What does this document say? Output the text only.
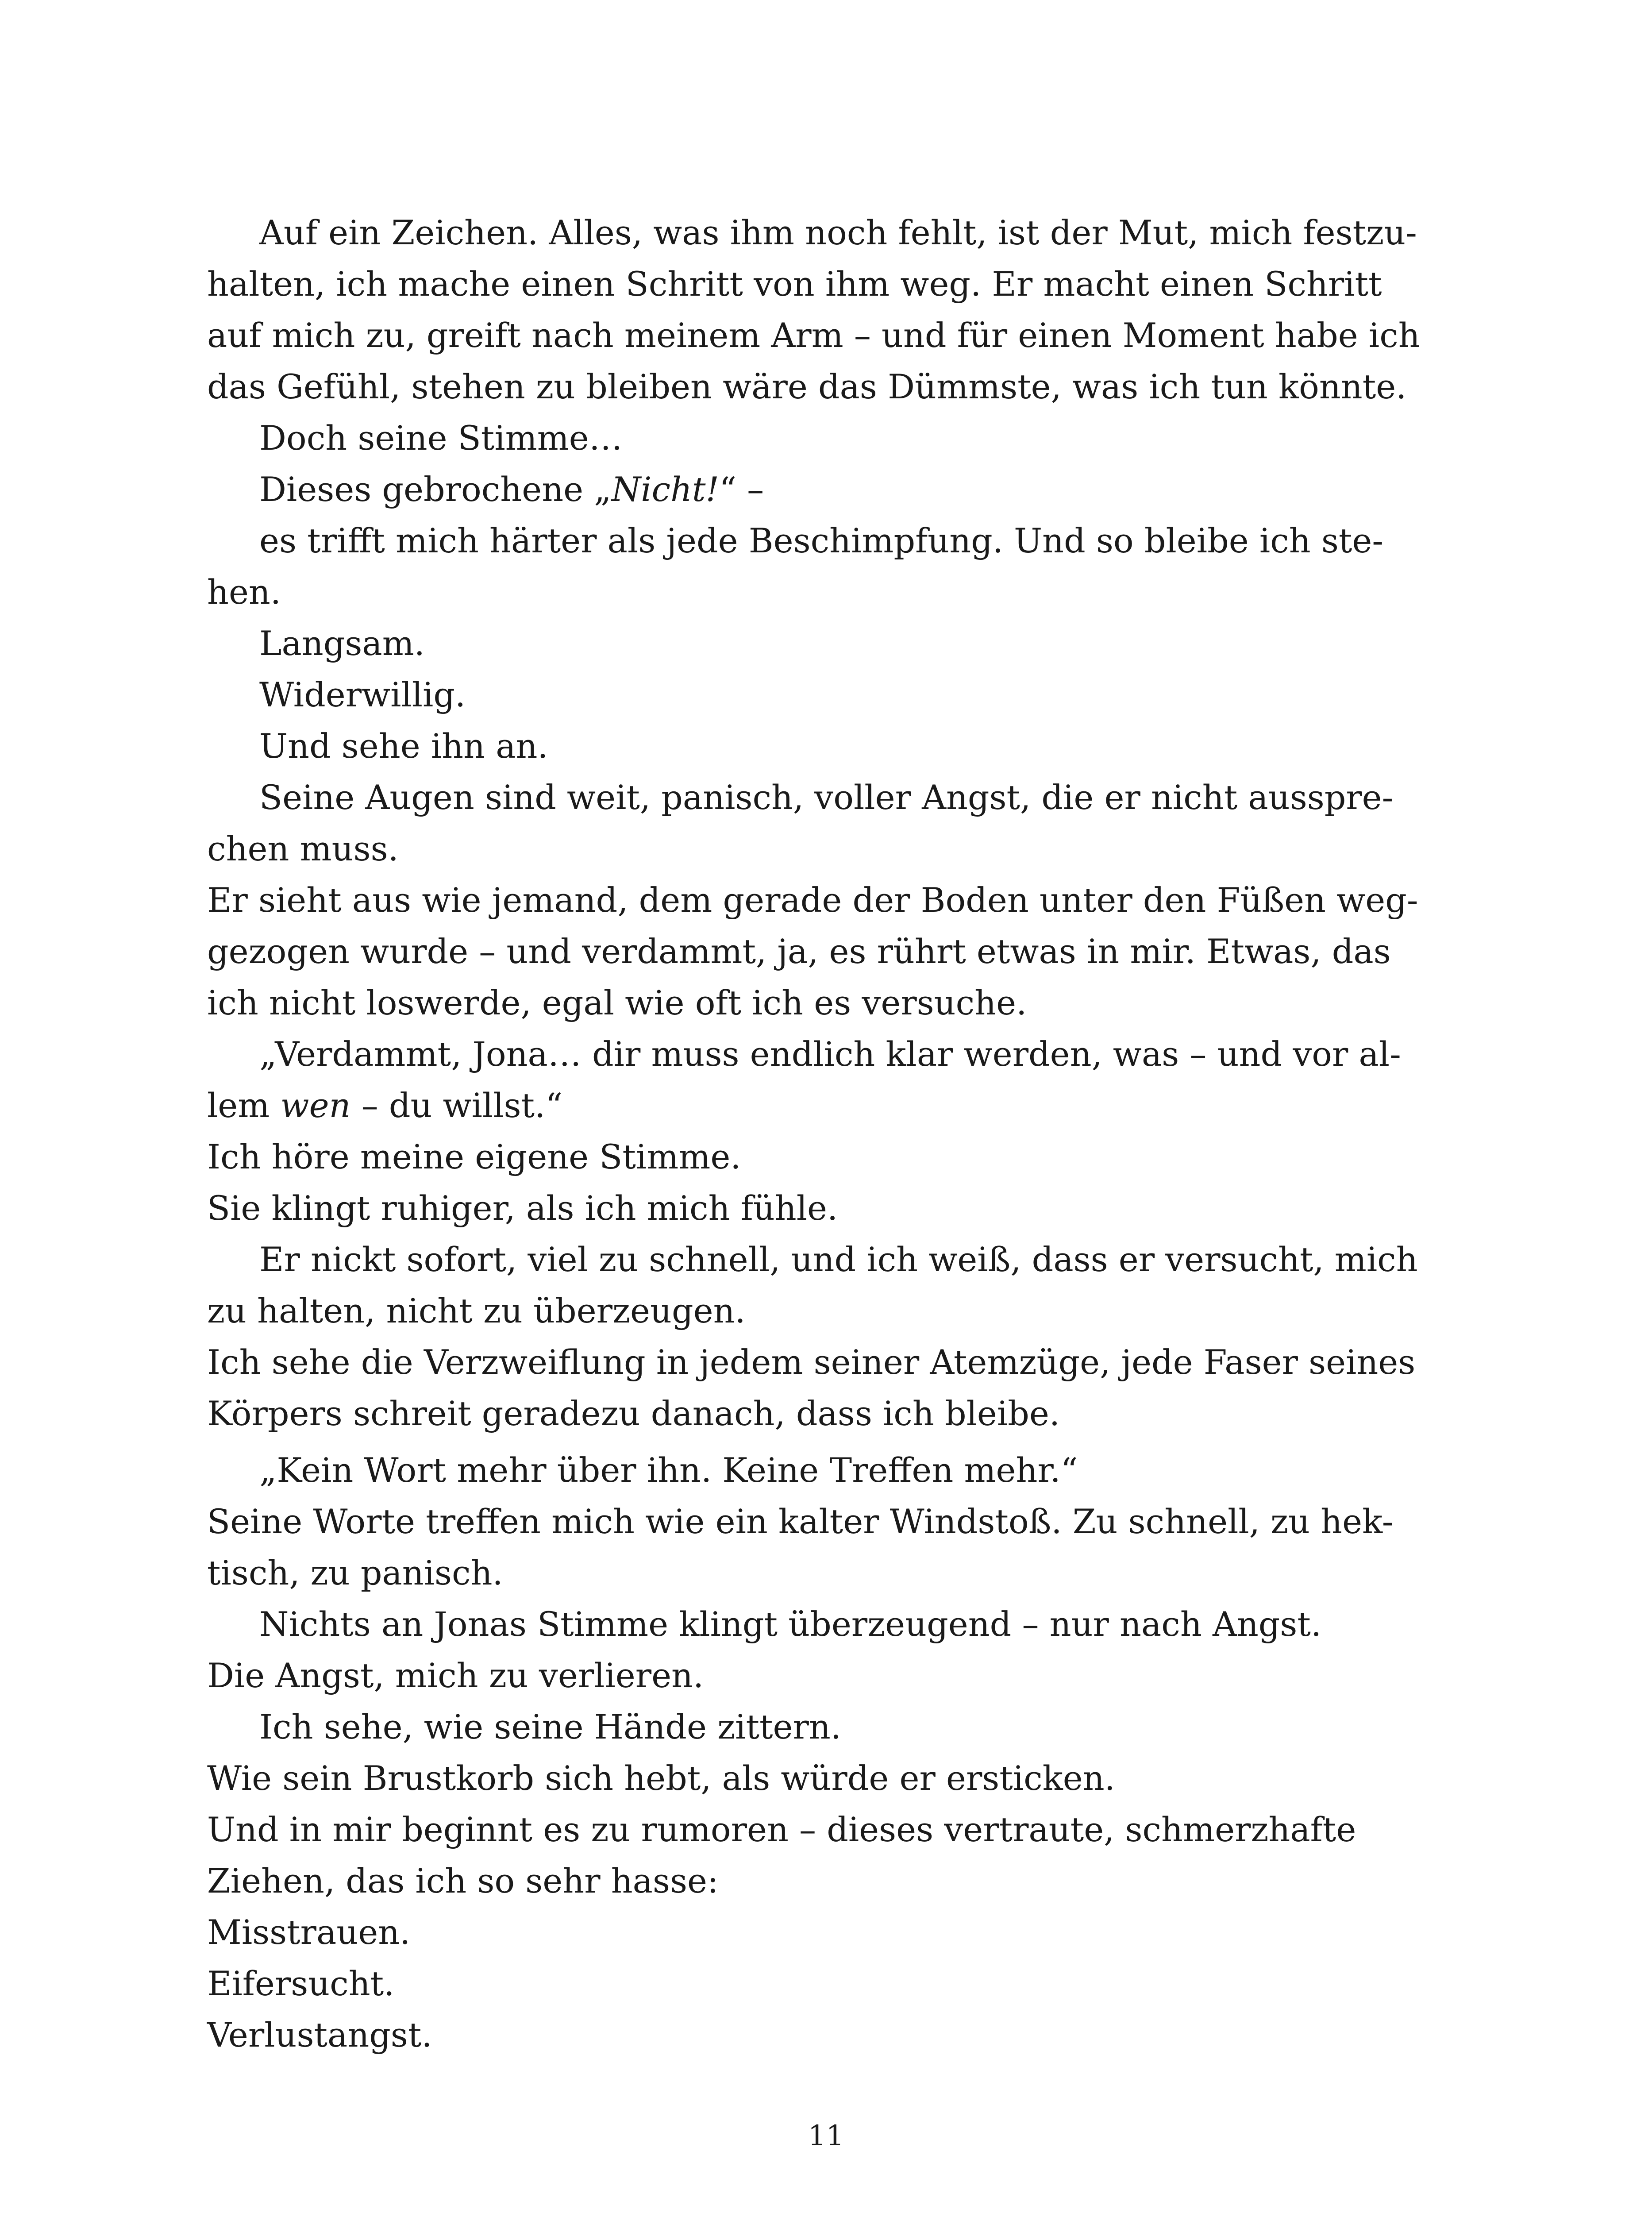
Auf ein Zeichen. Alles, was ihm noch fehlt, ist der Mut, mich festzu-
halten, ich mache einen Schritt von ihm weg. Er macht einen Schritt
auf mich zu, greift nach meinem Arm – und für einen Moment habe ich
das Gefühl, stehen zu bleiben wäre das Dümmste, was ich tun könnte.
Doch seine Stimme…
Dieses gebrochene „Nicht!“ –
es trifft mich härter als jede Beschimpfung. Und so bleibe ich ste-
hen.
Langsam.
Widerwillig.
Und sehe ihn an.
Seine Augen sind weit, panisch, voller Angst, die er nicht ausspre-
chen muss.
Er sieht aus wie jemand, dem gerade der Boden unter den Füßen weg-
gezogen wurde – und verdammt, ja, es rührt etwas in mir. Etwas, das
ich nicht loswerde, egal wie oft ich es versuche.
„Verdammt, Jona… dir muss endlich klar werden, was – und vor al-
lem wen – du willst.“
Ich höre meine eigene Stimme.
Sie klingt ruhiger, als ich mich fühle.
Er nickt sofort, viel zu schnell, und ich weiß, dass er versucht, mich
zu halten, nicht zu überzeugen.
Ich sehe die Verzweiflung in jedem seiner Atemzüge, jede Faser seines
Körpers schreit geradezu danach, dass ich bleibe.
„Kein Wort mehr über ihn. Keine Treffen mehr.“
Seine Worte treffen mich wie ein kalter Windstoß. Zu schnell, zu hek-
tisch, zu panisch.
Nichts an Jonas Stimme klingt überzeugend – nur nach Angst.
Die Angst, mich zu verlieren.
Ich sehe, wie seine Hände zittern.
Wie sein Brustkorb sich hebt, als würde er ersticken.
Und in mir beginnt es zu rumoren – dieses vertraute, schmerzhafte
Ziehen, das ich so sehr hasse:
Misstrauen.
Eifersucht.
Verlustangst.
11
